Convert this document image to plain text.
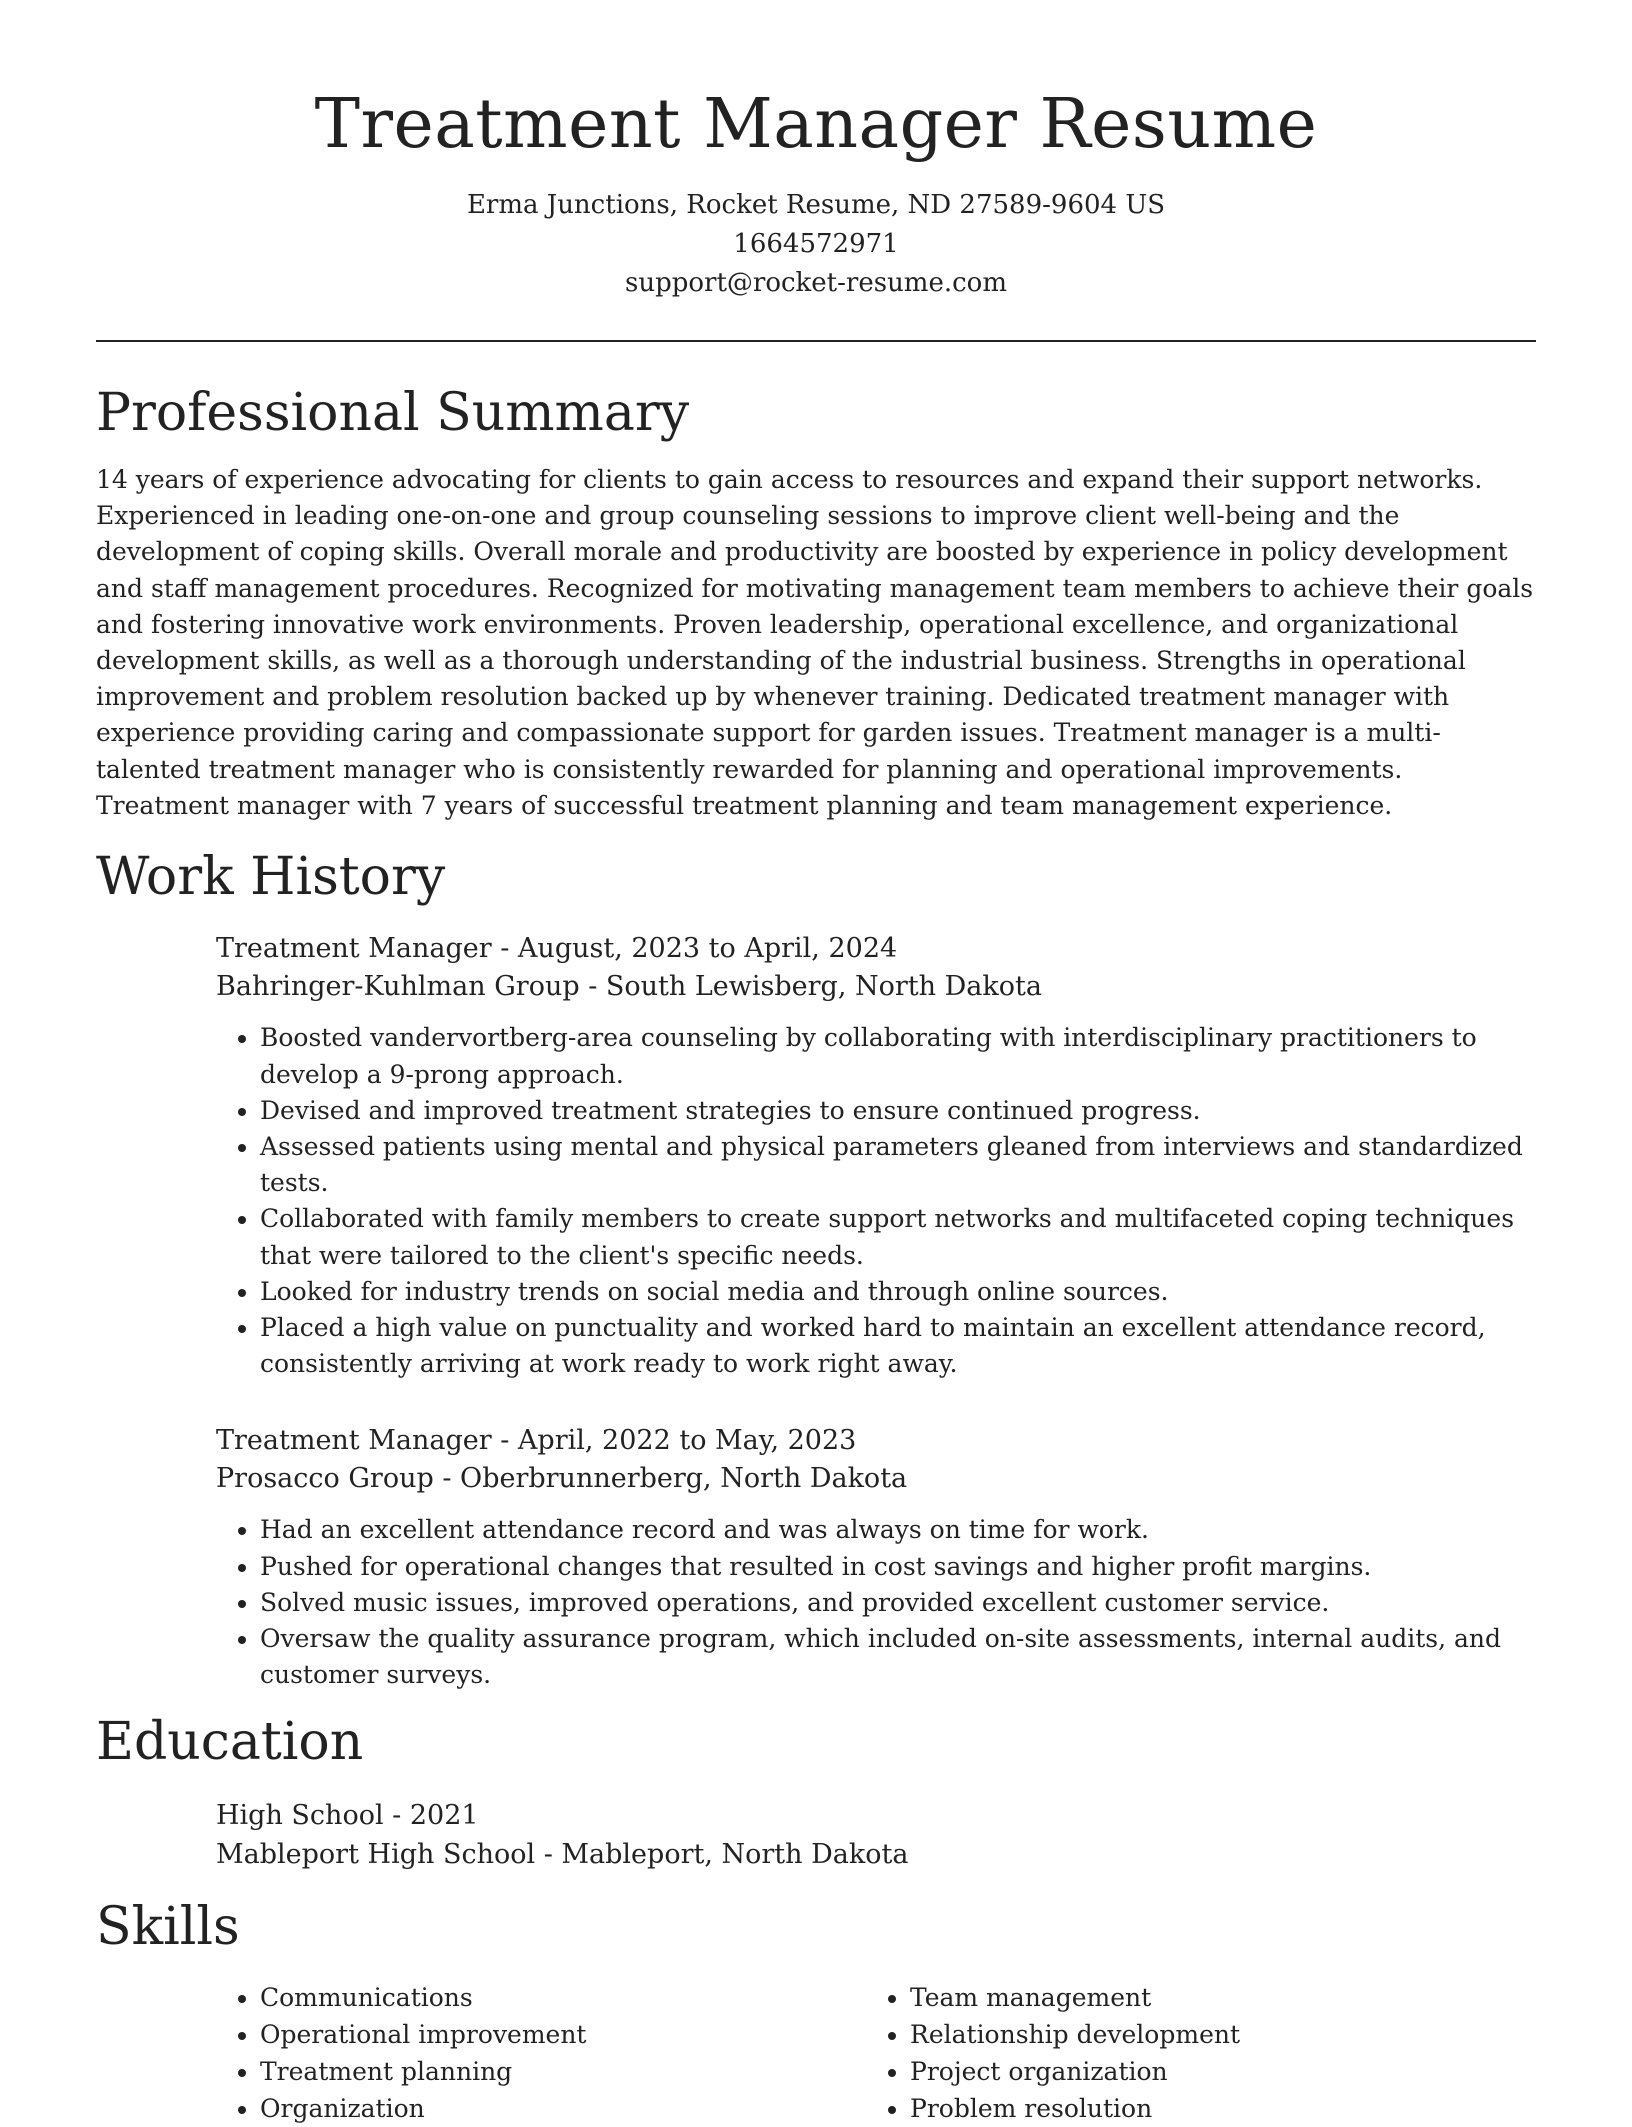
Treatment Manager Resume
Erma Junctions, Rocket Resume, ND 27589-9604 US
1664572971
support@rocket-resume.com
Professional Summary

14 years of experience advocating for clients to gain access to resources and expand their support networks. Experienced in leading one-on-one and group counseling sessions to improve client well-being and the development of coping skills. Overall morale and productivity are boosted by experience in policy development and staff management procedures. Recognized for motivating management team members to achieve their goals and fostering innovative work environments. Proven leadership, operational excellence, and organizational development skills, as well as a thorough understanding of the industrial business. Strengths in operational improvement and problem resolution backed up by whenever training. Dedicated treatment manager with experience providing caring and compassionate support for garden issues. Treatment manager is a multi-talented treatment manager who is consistently rewarded for planning and operational improvements. Treatment manager with 7 years of successful treatment planning and team management experience.

Work History
Treatment Manager - August, 2023 to April, 2024
Bahringer-Kuhlman Group - South Lewisberg, North Dakota
• Boosted vandervortberg-area counseling by collaborating with interdisciplinary practitioners to develop a 9-prong approach.
• Devised and improved treatment strategies to ensure continued progress.
• Assessed patients using mental and physical parameters gleaned from interviews and standardized tests.
• Collaborated with family members to create support networks and multifaceted coping techniques that were tailored to the client's specific needs.
• Looked for industry trends on social media and through online sources.
• Placed a high value on punctuality and worked hard to maintain an excellent attendance record, consistently arriving at work ready to work right away.
Treatment Manager - April, 2022 to May, 2023
Prosacco Group - Oberbrunnerberg, North Dakota
• Had an excellent attendance record and was always on time for work.
• Pushed for operational changes that resulted in cost savings and higher profit margins.
• Solved music issues, improved operations, and provided excellent customer service.
• Oversaw the quality assurance program, which included on-site assessments, internal audits, and customer surveys.
Education
High School - 2021
Mableport High School - Mableport, North Dakota
Skills
• Communications
• Operational improvement
• Treatment planning
• Organization
• Team management
• Relationship development
• Project organization
• Problem resolution
